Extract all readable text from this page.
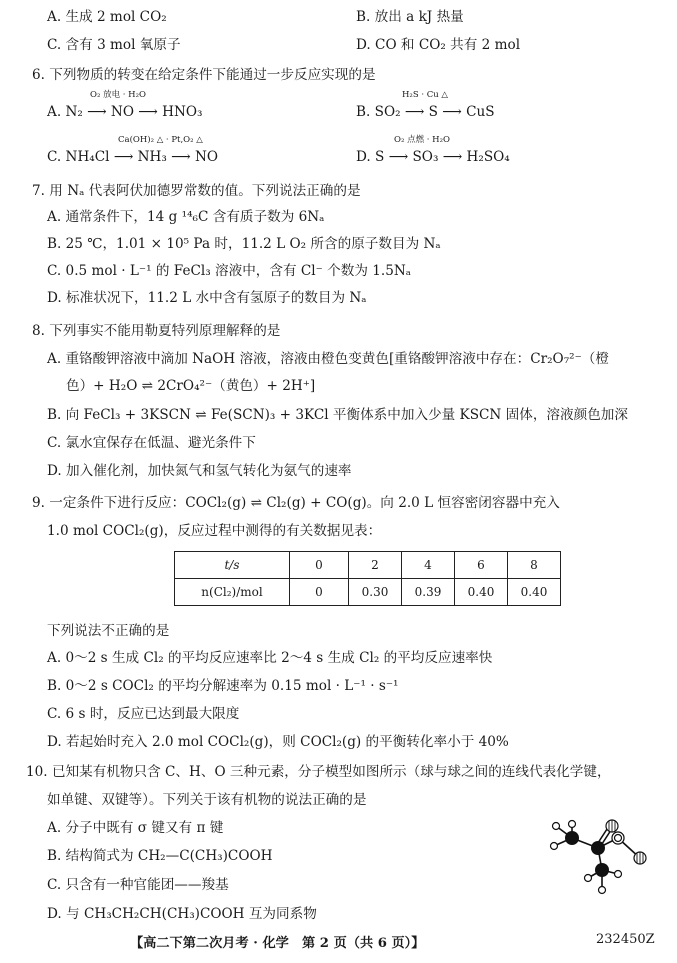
A. 生成 2 mol CO₂	B. 放出 a kJ 热量
C. 含有 3 mol 氧原子	D. CO 和 CO₂ 共有 2 mol
6. 下列物质的转变在给定条件下能通过一步反应实现的是
A. N₂ ⟶ NO ⟶ HNO₃
O₂ 放电 · H₂O
B. SO₂ ⟶ S ⟶ CuS
H₂S · Cu △
C. NH₄Cl ⟶ NH₃ ⟶ NO
Ca(OH)₂ △ · Pt,O₂ △
D. S ⟶ SO₃ ⟶ H₂SO₄
O₂ 点燃 · H₂O
7. 用 Nₐ 代表阿伏加德罗常数的值。下列说法正确的是
A. 通常条件下，14 g ¹⁴₆C 含有质子数为 6Nₐ
B. 25 ℃，1.01 × 10⁵ Pa 时，11.2 L O₂ 所含的原子数目为 Nₐ
C. 0.5 mol · L⁻¹ 的 FeCl₃ 溶液中，含有 Cl⁻ 个数为 1.5Nₐ
D. 标准状况下，11.2 L 水中含有氢原子的数目为 Nₐ
8. 下列事实不能用勒夏特列原理解释的是
A. 重铬酸钾溶液中滴加 NaOH 溶液，溶液由橙色变黄色[重铬酸钾溶液中存在：Cr₂O₇²⁻（橙
色）+ H₂O ⇌ 2CrO₄²⁻（黄色）+ 2H⁺]
B. 向 FeCl₃ + 3KSCN ⇌ Fe(SCN)₃ + 3KCl 平衡体系中加入少量 KSCN 固体，溶液颜色加深
C. 氯水宜保存在低温、避光条件下
D. 加入催化剂，加快氮气和氢气转化为氨气的速率
9. 一定条件下进行反应：COCl₂(g) ⇌ Cl₂(g) + CO(g)。向 2.0 L 恒容密闭容器中充入
1.0 mol COCl₂(g)，反应过程中测得的有关数据见表：
t/s	0	2	4	6	8
n(Cl₂)/mol	0	0.30	0.39	0.40	0.40
下列说法不正确的是
A. 0～2 s 生成 Cl₂ 的平均反应速率比 2～4 s 生成 Cl₂ 的平均反应速率快
B. 0～2 s COCl₂ 的平均分解速率为 0.15 mol · L⁻¹ · s⁻¹
C. 6 s 时，反应已达到最大限度
D. 若起始时充入 2.0 mol COCl₂(g)，则 COCl₂(g) 的平衡转化率小于 40%
10. 已知某有机物只含 C、H、O 三种元素，分子模型如图所示（球与球之间的连线代表化学键，
如单键、双键等）。下列关于该有机物的说法正确的是
A. 分子中既有 σ 键又有 π 键
B. 结构简式为 CH₂—C(CH₃)COOH
C. 只含有一种官能团——羧基
D. 与 CH₃CH₂CH(CH₃)COOH 互为同系物
【高二下第二次月考 · 化学　第 2 页（共 6 页）】	232450Z
